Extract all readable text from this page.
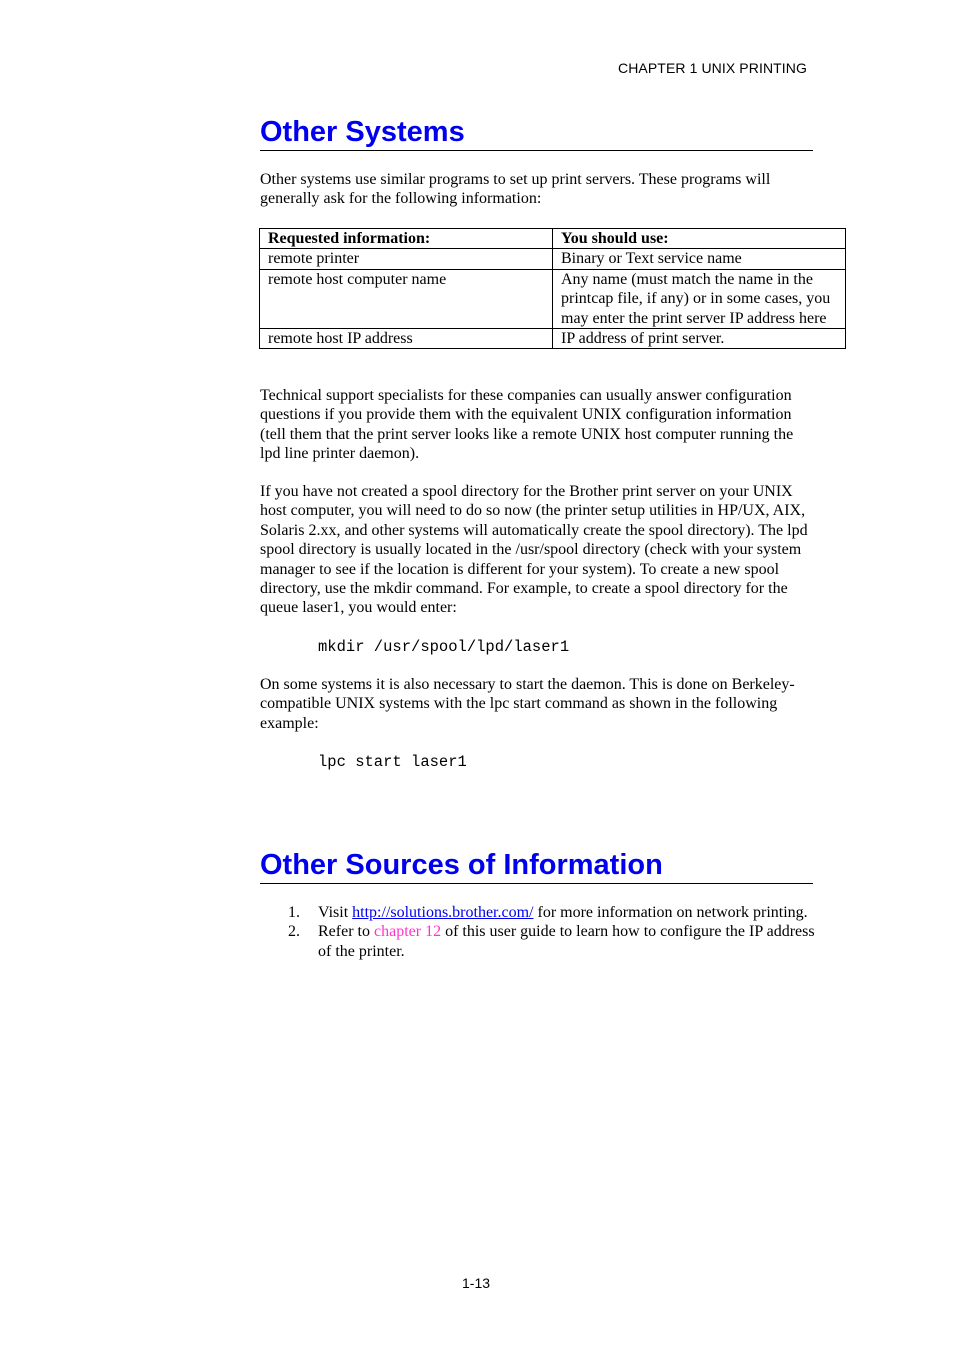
CHAPTER 1 UNIX PRINTING
Other Systems
Other systems use similar programs to set up print servers. These programs will generally ask for the following information:
Requested information:	You should use:
remote printer	Binary or Text service name
remote host computer name	Any name (must match the name in the printcap file, if any) or in some cases, you may enter the print server IP address here
remote host IP address	IP address of print server.
Technical support specialists for these companies can usually answer configuration questions if you provide them with the equivalent UNIX configuration information (tell them that the print server looks like a remote UNIX host computer running the lpd line printer daemon).
If you have not created a spool directory for the Brother print server on your UNIX host computer, you will need to do so now (the printer setup utilities in HP/UX, AIX, Solaris 2.xx, and other systems will automatically create the spool directory). The lpd spool directory is usually located in the /usr/spool directory (check with your system manager to see if the location is different for your system). To create a new spool directory, use the mkdir command. For example, to create a spool directory for the queue laser1, you would enter:
mkdir /usr/spool/lpd/laser1
On some systems it is also necessary to start the daemon. This is done on Berkeley-compatible UNIX systems with the lpc start command as shown in the following example:
lpc start laser1
Other Sources of Information
1. Visit http://solutions.brother.com/ for more information on network printing.
2. Refer to chapter 12 of this user guide to learn how to configure the IP address of the printer.
1-13
